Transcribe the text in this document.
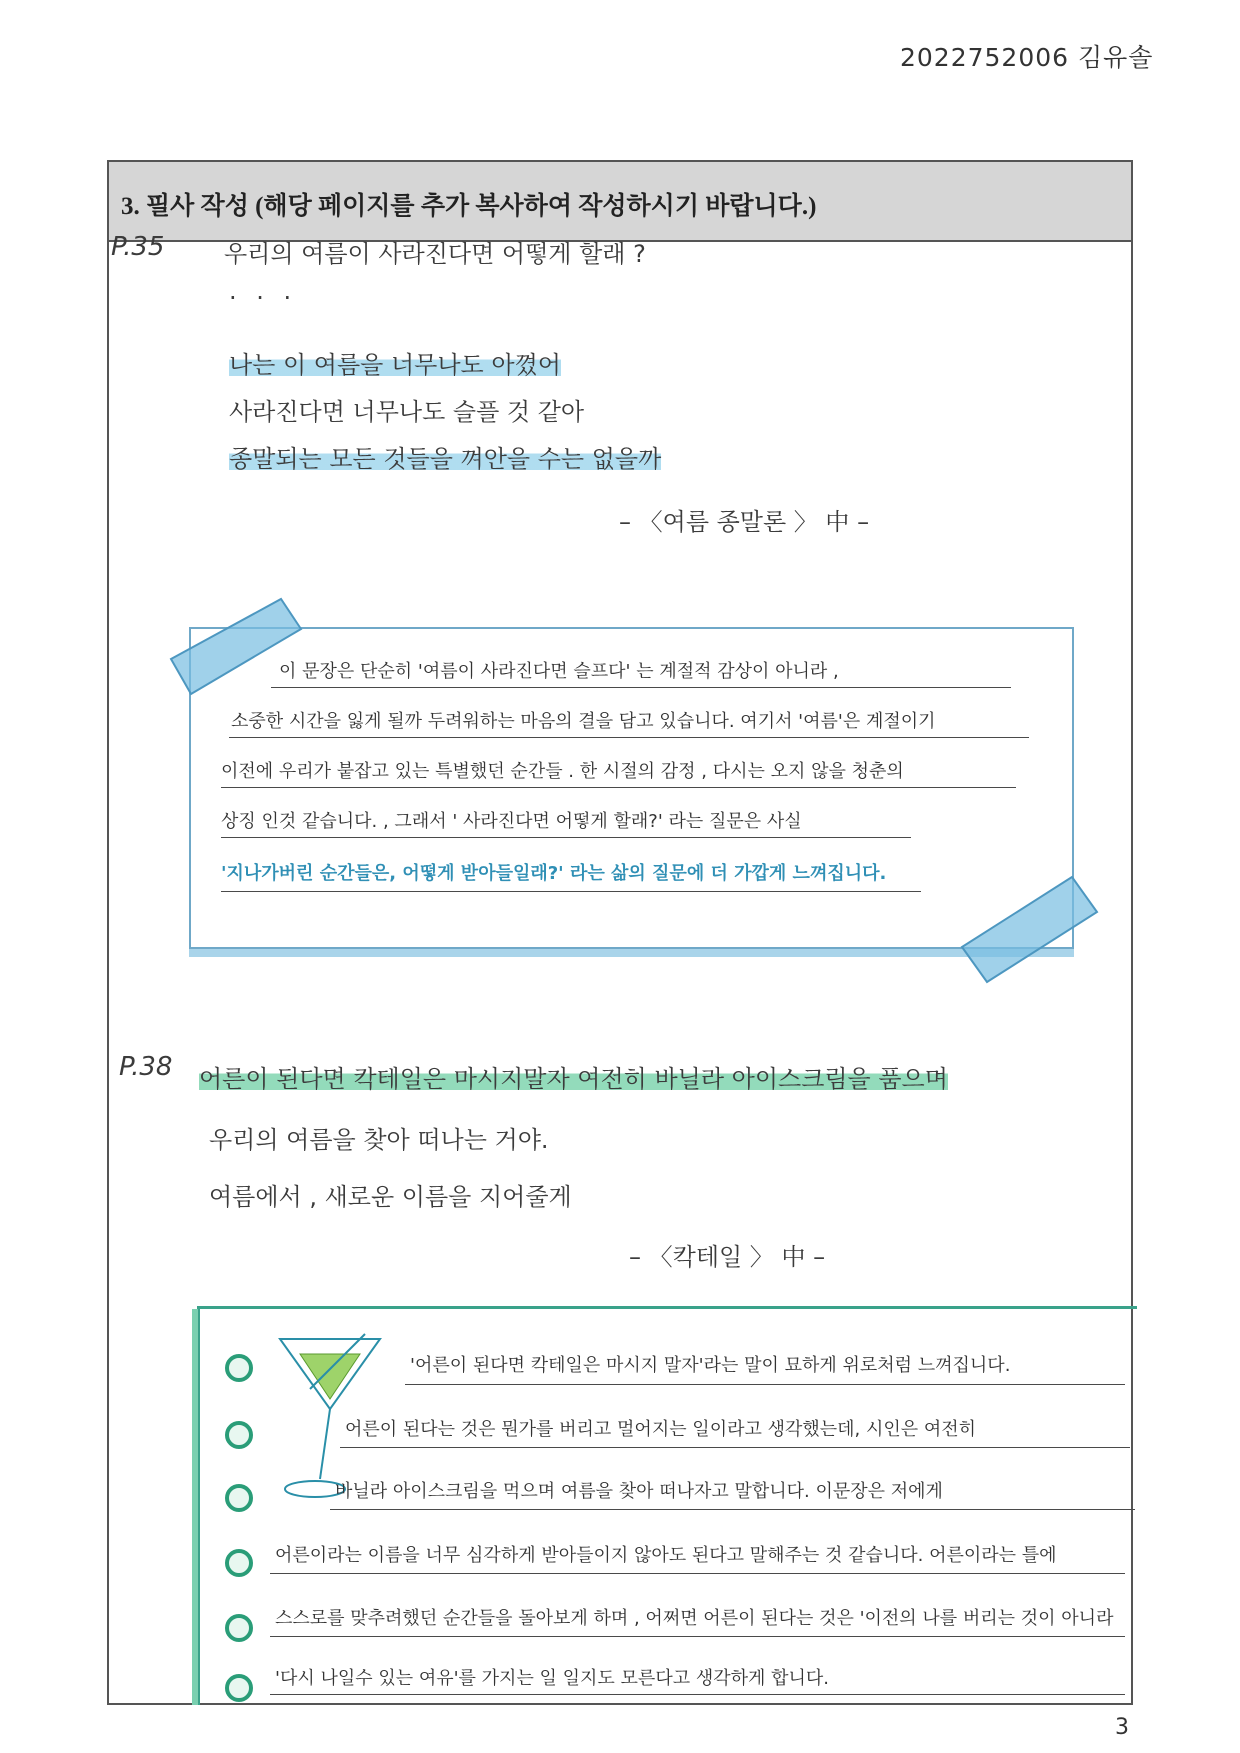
2022752006 김유솔
3. 필사 작성 (해당 페이지를 추가 복사하여 작성하시기 바랍니다.)
P.35 우리의 여름이 사라진다면 어떻게 할래 ?
· · ·
나는 이 여름을 너무나도 아꼈어
사라진다면 너무나도 슬플 것 같아
종말되는 모든 것들을 껴안을 수는 없을까
– 〈여름 종말론 〉 中 –
이 문장은 단순히 '여름이 사라진다면 슬프다' 는 계절적 감상이 아니라 ,
소중한 시간을 잃게 될까 두려워하는 마음의 결을 담고 있습니다. 여기서 '여름'은 계절이기
이전에 우리가 붙잡고 있는 특별했던 순간들 . 한 시절의 감정 , 다시는 오지 않을 청춘의
상징 인것 같습니다. , 그래서 ' 사라진다면 어떻게 할래?' 라는 질문은 사실
'지나가버린 순간들은, 어떻게 받아들일래?' 라는 삶의 질문에 더 가깝게 느껴집니다.
P.38 어른이 된다면 칵테일은 마시지말자 여전히 바닐라 아이스크림을 품으며
우리의 여름을 찾아 떠나는 거야.
여름에서 , 새로운 이름을 지어줄게
– 〈칵테일 〉 中 –
'어른이 된다면 칵테일은 마시지 말자'라는 말이 묘하게 위로처럼 느껴집니다.
어른이 된다는 것은 뭔가를 버리고 멀어지는 일이라고 생각했는데, 시인은 여전히
바닐라 아이스크림을 먹으며 여름을 찾아 떠나자고 말합니다. 이문장은 저에게
어른이라는 이름을 너무 심각하게 받아들이지 않아도 된다고 말해주는 것 같습니다. 어른이라는 틀에
스스로를 맞추려했던 순간들을 돌아보게 하며 , 어쩌면 어른이 된다는 것은 '이전의 나를 버리는 것이 아니라
'다시 나일수 있는 여유'를 가지는 일 일지도 모른다고 생각하게 합니다.
3
